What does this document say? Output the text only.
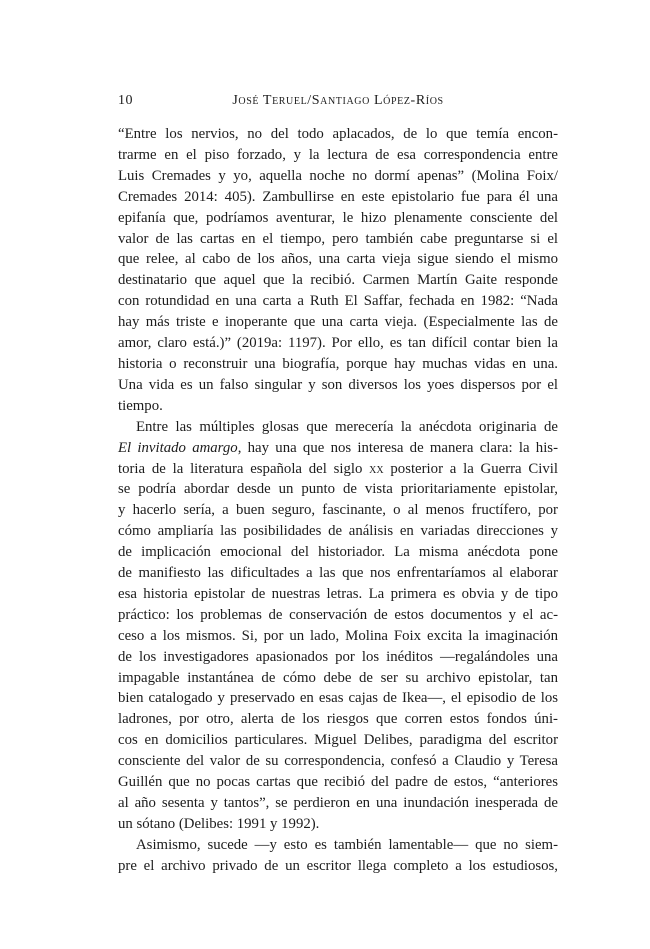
10	José Teruel/Santiago López-Ríos
“Entre los nervios, no del todo aplacados, de lo que temía encon-
trarme en el piso forzado, y la lectura de esa correspondencia entre
Luis Cremades y yo, aquella noche no dormí apenas” (Molina Foix/
Cremades 2014: 405). Zambullirse en este epistolario fue para él una
epifanía que, podríamos aventurar, le hizo plenamente consciente del
valor de las cartas en el tiempo, pero también cabe preguntarse si el
que relee, al cabo de los años, una carta vieja sigue siendo el mismo
destinatario que aquel que la recibió. Carmen Martín Gaite responde
con rotundidad en una carta a Ruth El Saffar, fechada en 1982: “Nada
hay más triste e inoperante que una carta vieja. (Especialmente las de
amor, claro está.)” (2019a: 1197). Por ello, es tan difícil contar bien la
historia o reconstruir una biografía, porque hay muchas vidas en una.
Una vida es un falso singular y son diversos los yoes dispersos por el
tiempo.
Entre las múltiples glosas que merecería la anécdota originaria de
El invitado amargo, hay una que nos interesa de manera clara: la his-
toria de la literatura española del siglo xx posterior a la Guerra Civil
se podría abordar desde un punto de vista prioritariamente epistolar,
y hacerlo sería, a buen seguro, fascinante, o al menos fructífero, por
cómo ampliaría las posibilidades de análisis en variadas direcciones y
de implicación emocional del historiador. La misma anécdota pone
de manifiesto las dificultades a las que nos enfrentaríamos al elaborar
esa historia epistolar de nuestras letras. La primera es obvia y de tipo
práctico: los problemas de conservación de estos documentos y el ac-
ceso a los mismos. Si, por un lado, Molina Foix excita la imaginación
de los investigadores apasionados por los inéditos —regalándoles una
impagable instantánea de cómo debe de ser su archivo epistolar, tan
bien catalogado y preservado en esas cajas de Ikea—, el episodio de los
ladrones, por otro, alerta de los riesgos que corren estos fondos úni-
cos en domicilios particulares. Miguel Delibes, paradigma del escritor
consciente del valor de su correspondencia, confesó a Claudio y Teresa
Guillén que no pocas cartas que recibió del padre de estos, “anteriores
al año sesenta y tantos”, se perdieron en una inundación inesperada de
un sótano (Delibes: 1991 y 1992).
Asimismo, sucede —y esto es también lamentable— que no siem-
pre el archivo privado de un escritor llega completo a los estudiosos,
